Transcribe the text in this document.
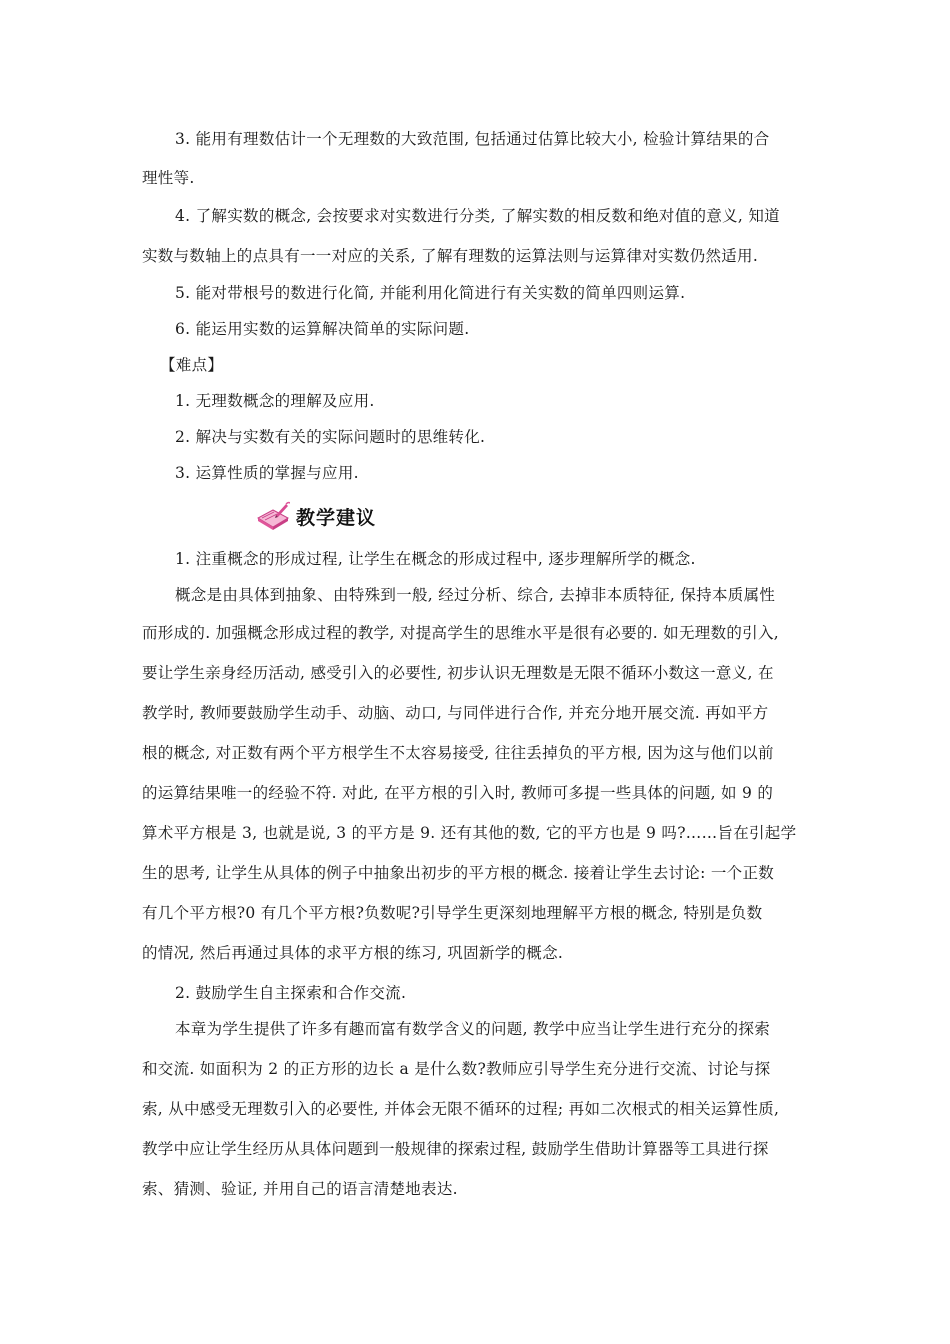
3. 能用有理数估计一个无理数的大致范围, 包括通过估算比较大小, 检验计算结果的合
理性等.
4. 了解实数的概念, 会按要求对实数进行分类, 了解实数的相反数和绝对值的意义, 知道
实数与数轴上的点具有一一对应的关系, 了解有理数的运算法则与运算律对实数仍然适用.
5. 能对带根号的数进行化简, 并能利用化简进行有关实数的简单四则运算.
6. 能运用实数的运算解决简单的实际问题.
【难点】
1. 无理数概念的理解及应用.
2. 解决与实数有关的实际问题时的思维转化.
3. 运算性质的掌握与应用.
1. 注重概念的形成过程, 让学生在概念的形成过程中, 逐步理解所学的概念.
概念是由具体到抽象、由特殊到一般, 经过分析、综合, 去掉非本质特征, 保持本质属性
而形成的. 加强概念形成过程的教学, 对提高学生的思维水平是很有必要的. 如无理数的引入,
要让学生亲身经历活动, 感受引入的必要性, 初步认识无理数是无限不循环小数这一意义, 在
教学时, 教师要鼓励学生动手、动脑、动口, 与同伴进行合作, 并充分地开展交流. 再如平方
根的概念, 对正数有两个平方根学生不太容易接受, 往往丢掉负的平方根, 因为这与他们以前
的运算结果唯一的经验不符. 对此, 在平方根的引入时, 教师可多提一些具体的问题, 如 9 的
算术平方根是 3, 也就是说, 3 的平方是 9. 还有其他的数, 它的平方也是 9 吗?……旨在引起学
生的思考, 让学生从具体的例子中抽象出初步的平方根的概念. 接着让学生去讨论: 一个正数
有几个平方根?0 有几个平方根?负数呢?引导学生更深刻地理解平方根的概念, 特别是负数
的情况, 然后再通过具体的求平方根的练习, 巩固新学的概念.
2. 鼓励学生自主探索和合作交流.
本章为学生提供了许多有趣而富有数学含义的问题, 教学中应当让学生进行充分的探索
和交流. 如面积为 2 的正方形的边长 a 是什么数?教师应引导学生充分进行交流、讨论与探
索, 从中感受无理数引入的必要性, 并体会无限不循环的过程; 再如二次根式的相关运算性质,
教学中应让学生经历从具体问题到一般规律的探索过程, 鼓励学生借助计算器等工具进行探
索、猜测、验证, 并用自己的语言清楚地表达.
教学建议
